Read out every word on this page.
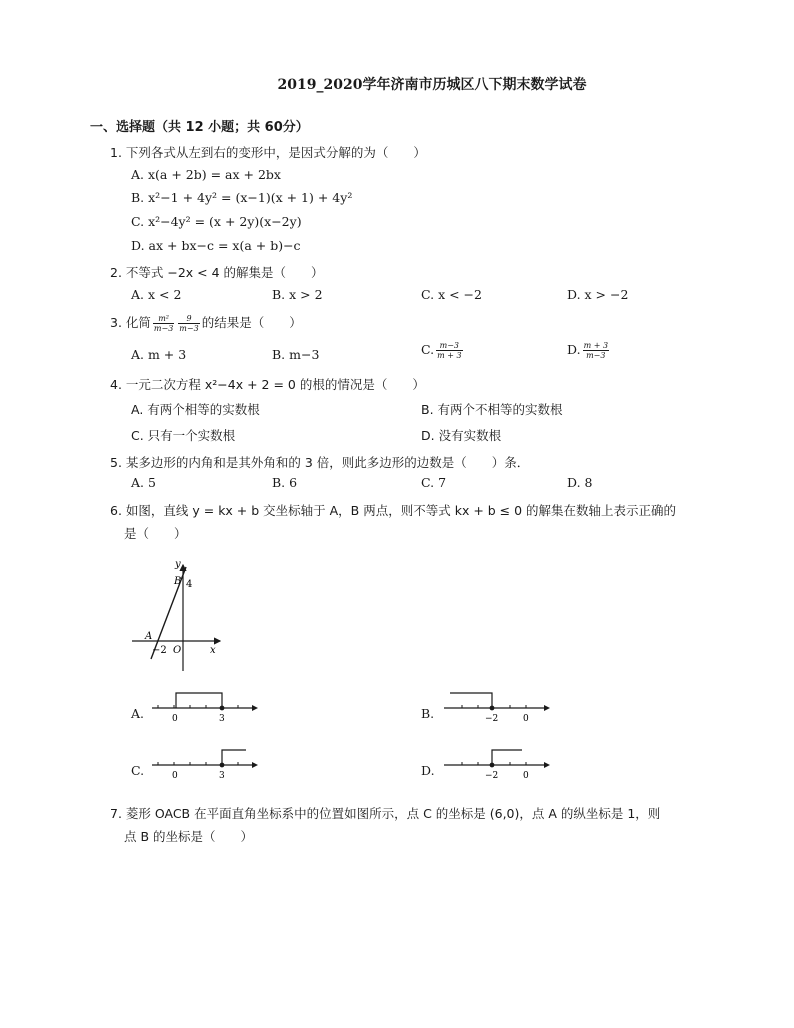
2019_2020学年济南市历城区八下期末数学试卷
一、选择题（共 12 小题；共 60分）
1. 下列各式从左到右的变形中，是因式分解的为（　　）
A. x(a + 2b) = ax + 2bx
B. x²−1 + 4y² = (x−1)(x + 1) + 4y²
C. x²−4y² = (x + 2y)(x−2y)
D. ax + bx−c = x(a + b)−c
2. 不等式 −2x < 4 的解集是（　　）
A. x < 2	B. x > 2	C. x < −2	D. x > −2
3. 化简 $\frac{\text{m²}}{m-3} \frac{9}{m-3}$ 的结果是（　　）
A. m + 3	B. m−3	C. $\frac{m-3}{m + 3}$	D. $\frac{m + 3}{m-3}$
4. 一元二次方程 x²−4x + 2 = 0 的根的情况是（　　）
A. 有两个相等的实数根	B. 有两个不相等的实数根
C. 只有一个实数根	D. 没有实数根
5. 某多边形的内角和是其外角和的 3 倍，则此多边形的边数是（　　）条．
A. 5	B. 6	C. 7	D. 8
6. 如图，直线 y = kx + b 交坐标轴于 A，B 两点，则不等式 kx + b ≤ 0 的解集在数轴上表示正确的
是（　　）
y
x
B 4
A
−2 O
A.	0	3	B.	−2	0
C.	0	3	D.	−2	0
7. 菱形 OACB 在平面直角坐标系中的位置如图所示，点 C 的坐标是 (6,0)，点 A 的纵坐标是 1，则
点 B 的坐标是（　　）
